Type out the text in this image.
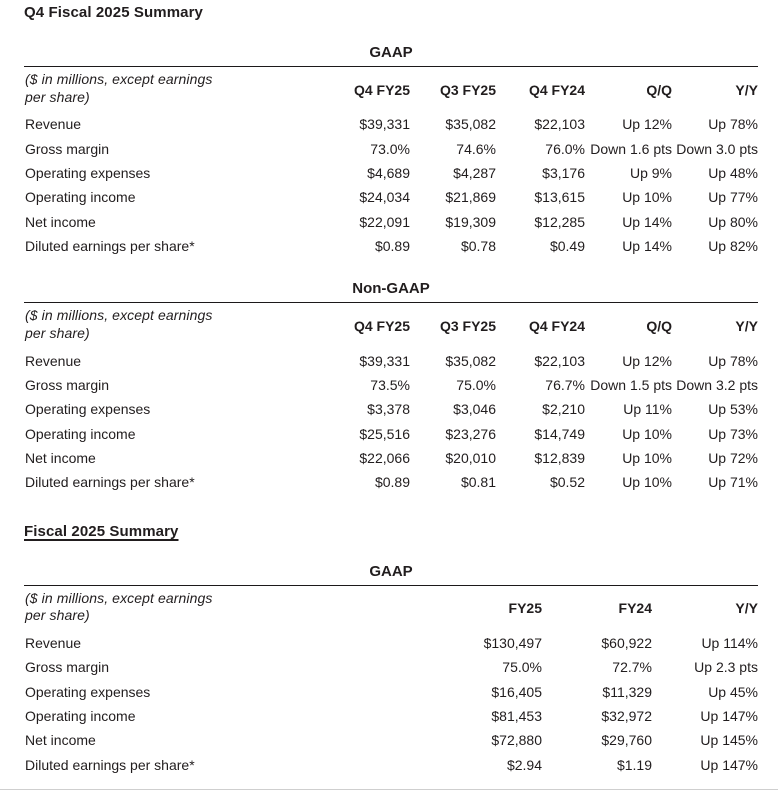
Q4 Fiscal 2025 Summary
GAAP
($ in millions, except earnings
per share)	Q4 FY25	Q3 FY25	Q4 FY24	Q/Q	Y/Y
Revenue	$39,331	$35,082	$22,103	Up 12%	Up 78%
Gross margin	73.0%	74.6%	76.0%	Down 1.6 pts	Down 3.0 pts
Operating expenses	$4,689	$4,287	$3,176	Up 9%	Up 48%
Operating income	$24,034	$21,869	$13,615	Up 10%	Up 77%
Net income	$22,091	$19,309	$12,285	Up 14%	Up 80%
Diluted earnings per share*	$0.89	$0.78	$0.49	Up 14%	Up 82%
Non-GAAP
($ in millions, except earnings
per share)	Q4 FY25	Q3 FY25	Q4 FY24	Q/Q	Y/Y
Revenue	$39,331	$35,082	$22,103	Up 12%	Up 78%
Gross margin	73.5%	75.0%	76.7%	Down 1.5 pts	Down 3.2 pts
Operating expenses	$3,378	$3,046	$2,210	Up 11%	Up 53%
Operating income	$25,516	$23,276	$14,749	Up 10%	Up 73%
Net income	$22,066	$20,010	$12,839	Up 10%	Up 72%
Diluted earnings per share*	$0.89	$0.81	$0.52	Up 10%	Up 71%
Fiscal 2025 Summary
GAAP
($ in millions, except earnings
per share)	FY25	FY24	Y/Y
Revenue	$130,497	$60,922	Up 114%
Gross margin	75.0%	72.7%	Up 2.3 pts
Operating expenses	$16,405	$11,329	Up 45%
Operating income	$81,453	$32,972	Up 147%
Net income	$72,880	$29,760	Up 145%
Diluted earnings per share*	$2.94	$1.19	Up 147%
